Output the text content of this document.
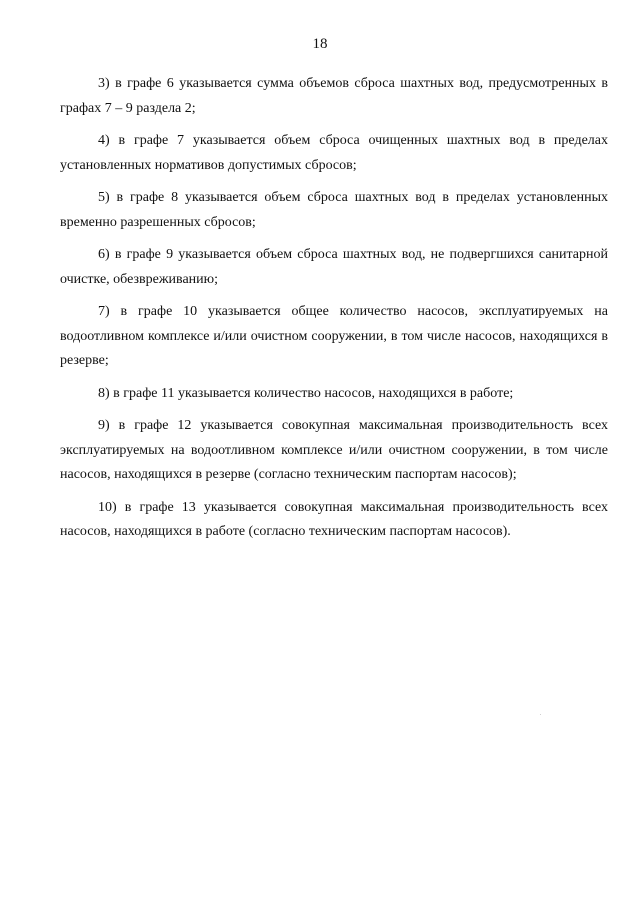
18

3) в графе 6 указывается сумма объемов сброса шахтных вод, предусмотренных в графах 7 – 9 раздела 2;

4) в графе 7 указывается объем сброса очищенных шахтных вод в пределах установленных нормативов допустимых сбросов;

5) в графе 8 указывается объем сброса шахтных вод в пределах установленных временно разрешенных сбросов;

6) в графе 9 указывается объем сброса шахтных вод, не подвергшихся санитарной очистке, обезвреживанию;

7) в графе 10 указывается общее количество насосов, эксплуатируемых на водоотливном комплексе и/или очистном сооружении, в том числе насосов, находящихся в резерве;

8) в графе 11 указывается количество насосов, находящихся в работе;

9) в графе 12 указывается совокупная максимальная производительность всех эксплуатируемых на водоотливном комплексе и/или очистном сооружении, в том числе насосов, находящихся в резерве (согласно техническим паспортам насосов);

10) в графе 13 указывается совокупная максимальная производительность всех насосов, находящихся в работе (согласно техническим паспортам насосов).
